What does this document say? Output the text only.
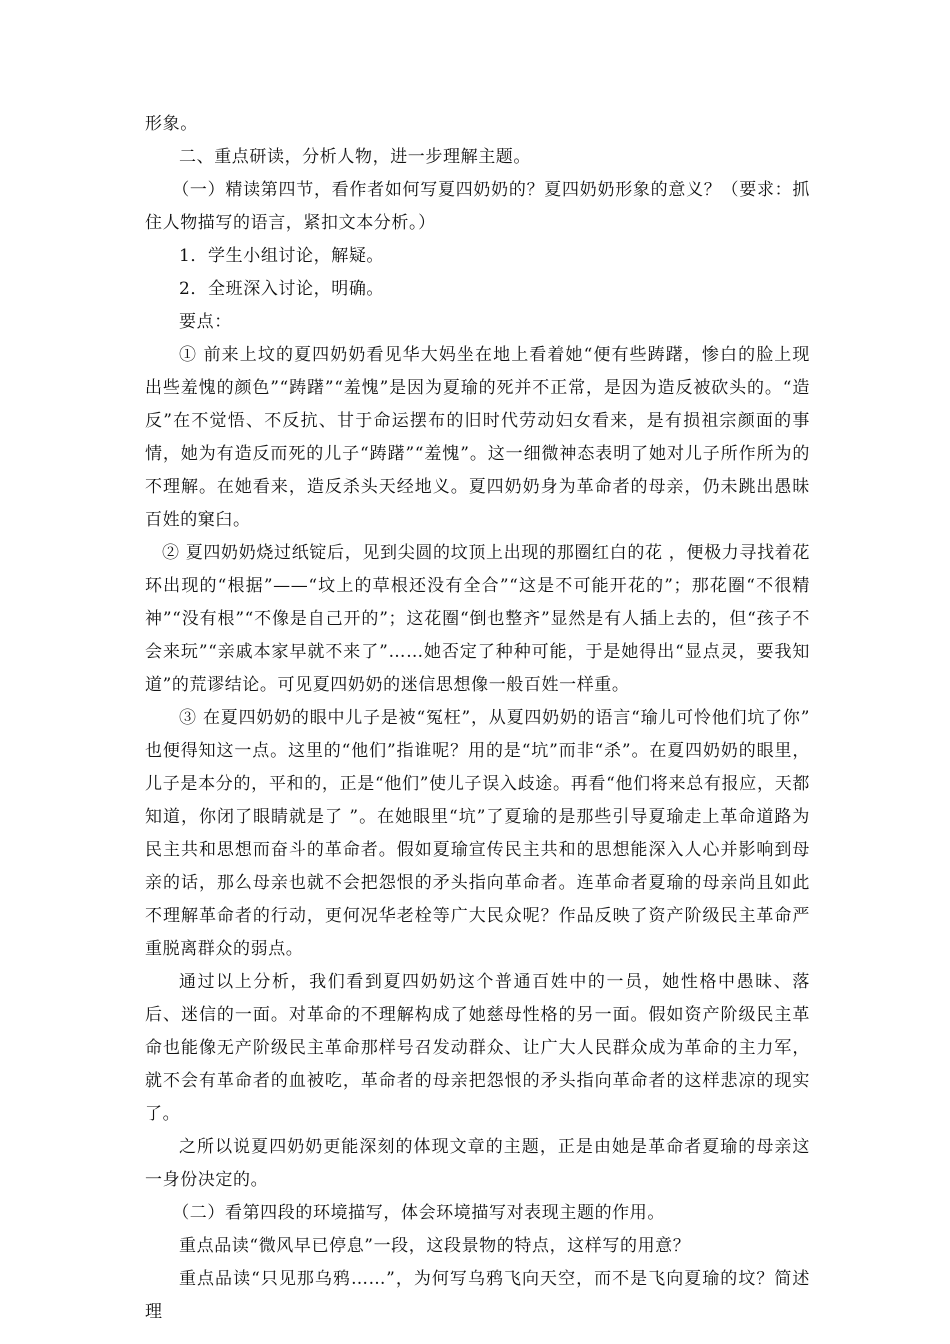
形象。

二、重点研读，分析人物，进一步理解主题。

（一）精读第四节，看作者如何写夏四奶奶的？夏四奶奶形象的意义？（要求：抓住人物描写的语言，紧扣文本分析。）

1．学生小组讨论，解疑。

2．全班深入讨论，明确。

要点：

① 前来上坟的夏四奶奶看见华大妈坐在地上看着她“便有些踌躇，惨白的脸上现出些羞愧的颜色”“踌躇”“羞愧”是因为夏瑜的死并不正常，是因为造反被砍头的。“造反”在不觉悟、不反抗、甘于命运摆布的旧时代劳动妇女看来，是有损祖宗颜面的事情，她为有造反而死的儿子“踌躇”“羞愧”。这一细微神态表明了她对儿子所作所为的不理解。在她看来，造反杀头天经地义。夏四奶奶身为革命者的母亲，仍未跳出愚昧百姓的窠臼。

② 夏四奶奶烧过纸锭后，见到尖圆的坟顶上出现的那圈红白的花 ，便极力寻找着花环出现的“根据”——“坟上的草根还没有全合”“这是不可能开花的”；那花圈“不很精神”“没有根”“不像是自己开的”；这花圈“倒也整齐”显然是有人插上去的，但“孩子不会来玩”“亲戚本家早就不来了”……她否定了种种可能，于是她得出“显点灵，要我知道”的荒谬结论。可见夏四奶奶的迷信思想像一般百姓一样重。

③ 在夏四奶奶的眼中儿子是被“冤枉”，从夏四奶奶的语言“瑜儿可怜他们坑了你” 也便得知这一点。这里的“他们”指谁呢？用的是“坑”而非“杀”。在夏四奶奶的眼里，儿子是本分的，平和的，正是“他们”使儿子误入歧途。再看“他们将来总有报应，天都知道，你闭了眼睛就是了 ”。在她眼里“坑”了夏瑜的是那些引导夏瑜走上革命道路为民主共和思想而奋斗的革命者。假如夏瑜宣传民主共和的思想能深入人心并影响到母亲的话，那么母亲也就不会把怨恨的矛头指向革命者。连革命者夏瑜的母亲尚且如此不理解革命者的行动，更何况华老栓等广大民众呢？作品反映了资产阶级民主革命严重脱离群众的弱点。

通过以上分析，我们看到夏四奶奶这个普通百姓中的一员，她性格中愚昧、落后、迷信的一面。对革命的不理解构成了她慈母性格的另一面。假如资产阶级民主革命也能像无产阶级民主革命那样号召发动群众、让广大人民群众成为革命的主力军，就不会有革命者的血被吃，革命者的母亲把怨恨的矛头指向革命者的这样悲凉的现实了。

之所以说夏四奶奶更能深刻的体现文章的主题，正是由她是革命者夏瑜的母亲这一身份决定的。

（二）看第四段的环境描写，体会环境描写对表现主题的作用。

重点品读“微风早已停息”一段，这段景物的特点，这样写的用意？

重点品读“只见那乌鸦……”，为何写乌鸦飞向天空，而不是飞向夏瑜的坟？简述理
